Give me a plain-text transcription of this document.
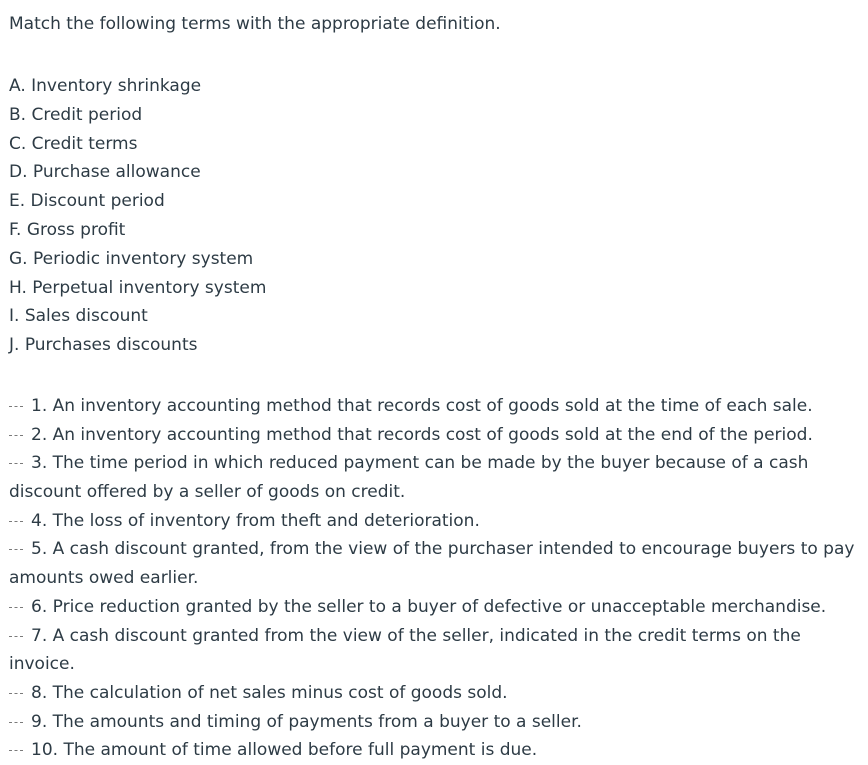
Match the following terms with the appropriate definition.

A. Inventory shrinkage
B. Credit period
C. Credit terms
D. Purchase allowance
E. Discount period
F. Gross profit
G. Periodic inventory system
H. Perpetual inventory system
I. Sales discount
J. Purchases discounts
1. An inventory accounting method that records cost of goods sold at the time of each sale.
2. An inventory accounting method that records cost of goods sold at the end of the period.
3. The time period in which reduced payment can be made by the buyer because of a cash discount offered by a seller of goods on credit.
4. The loss of inventory from theft and deterioration.
5. A cash discount granted, from the view of the purchaser intended to encourage buyers to pay amounts owed earlier.
6. Price reduction granted by the seller to a buyer of defective or unacceptable merchandise.
7. A cash discount granted from the view of the seller, indicated in the credit terms on the invoice.
8. The calculation of net sales minus cost of goods sold.
9. The amounts and timing of payments from a buyer to a seller.
10. The amount of time allowed before full payment is due.
